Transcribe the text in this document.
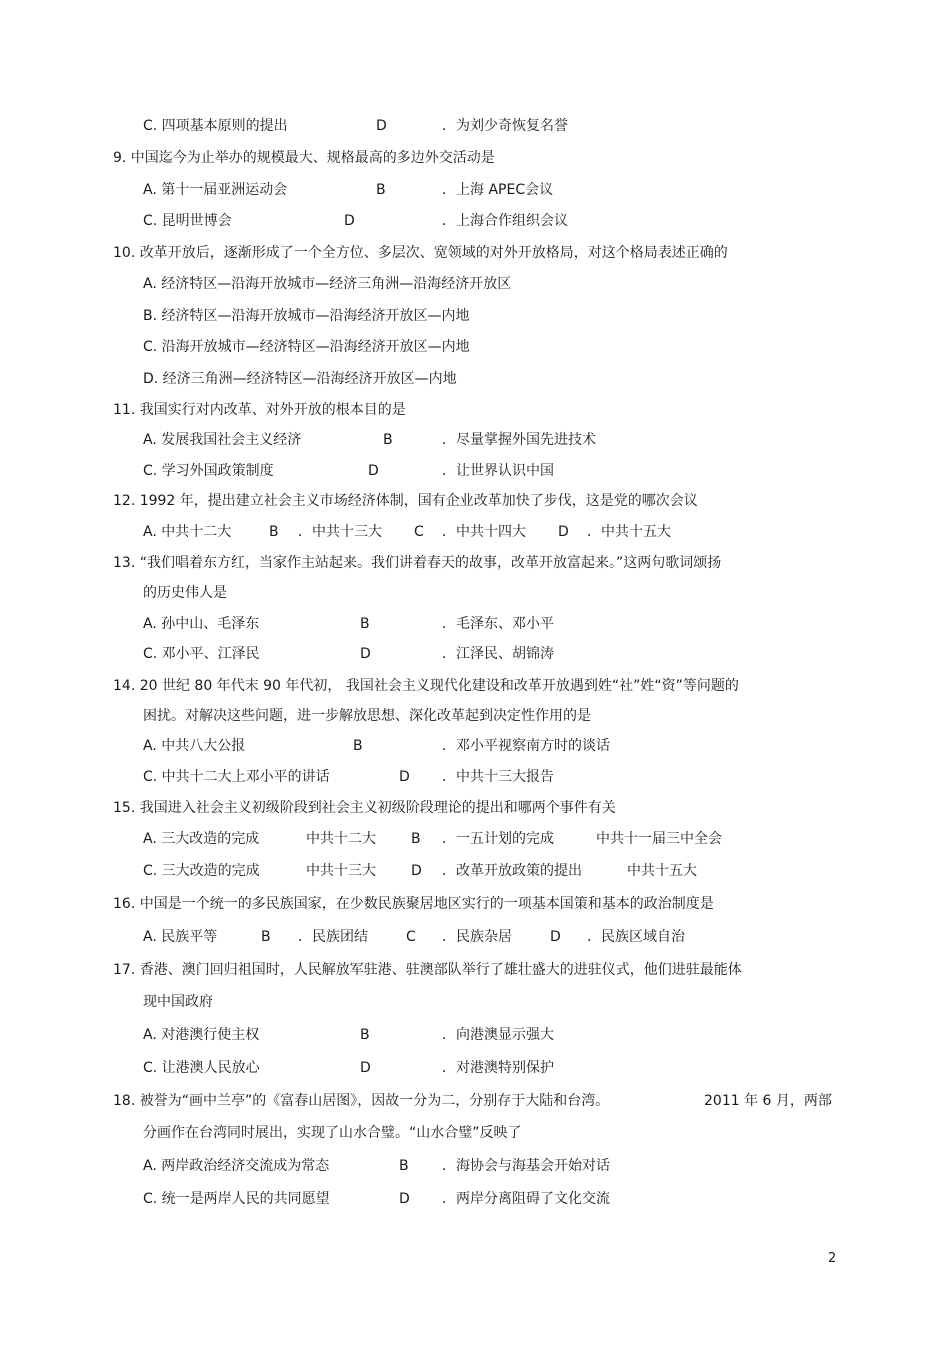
C. 四项基本原则的提出	D	．为刘少奇恢复名誉
9. 中国迄今为止举办的规模最大、规格最高的多边外交活动是
A. 第十一届亚洲运动会	B	．上海 APEC会议
C. 昆明世博会	D	．上海合作组织会议
10. 改革开放后，逐渐形成了一个全方位、多层次、宽领域的对外开放格局，对这个格局表述正确的
A. 经济特区—沿海开放城市—经济三角洲—沿海经济开放区
B. 经济特区—沿海开放城市—沿海经济开放区—内地
C. 沿海开放城市—经济特区—沿海经济开放区—内地
D. 经济三角洲—经济特区—沿海经济开放区—内地
11. 我国实行对内改革、对外开放的根本目的是
A. 发展我国社会主义经济	B	．尽量掌握外国先进技术
C. 学习外国政策制度	D	．让世界认识中国
12. 1992 年，提出建立社会主义市场经济体制，国有企业改革加快了步伐，这是党的哪次会议
A. 中共十二大	B ．中共十三大 C ．中共十四大 D ．中共十五大
13. “我们唱着东方红，当家作主站起来。我们讲着春天的故事，改革开放富起来。”这两句歌词颂扬
的历史伟人是
A. 孙中山、毛泽东	B	．毛泽东、邓小平
C. 邓小平、江泽民	D	．江泽民、胡锦涛
14. 20 世纪 80 年代末 90 年代初， 我国社会主义现代化建设和改革开放遇到姓“社”姓“资”等问题的
困扰。对解决这些问题，进一步解放思想、深化改革起到决定性作用的是
A. 中共八大公报	B	．邓小平视察南方时的谈话
C. 中共十二大上邓小平的讲话	D ．中共十三大报告
15. 我国进入社会主义初级阶段到社会主义初级阶段理论的提出和哪两个事件有关
A. 三大改造的完成	中共十二大	B ．一五计划的完成	中共十一届三中全会
C. 三大改造的完成	中共十三大	D ．改革开放政策的提出	中共十五大
16. 中国是一个统一的多民族国家，在少数民族聚居地区实行的一项基本国策和基本的政治制度是
A. 民族平等	B ．民族团结	C ．民族杂居	D ．民族区域自治
17. 香港、澳门回归祖国时，人民解放军驻港、驻澳部队举行了雄壮盛大的进驻仪式，他们进驻最能体
现中国政府
A. 对港澳行使主权	B	．向港澳显示强大
C. 让港澳人民放心	D	．对港澳特别保护
18. 被誉为“画中兰亭”的《富春山居图》，因故一分为二，分别存于大陆和台湾。	2011 年 6 月，两部
分画作在台湾同时展出，实现了山水合璧。“山水合璧”反映了
A. 两岸政治经济交流成为常态	B ．海协会与海基会开始对话
C. 统一是两岸人民的共同愿望	D ．两岸分离阻碍了文化交流
2
